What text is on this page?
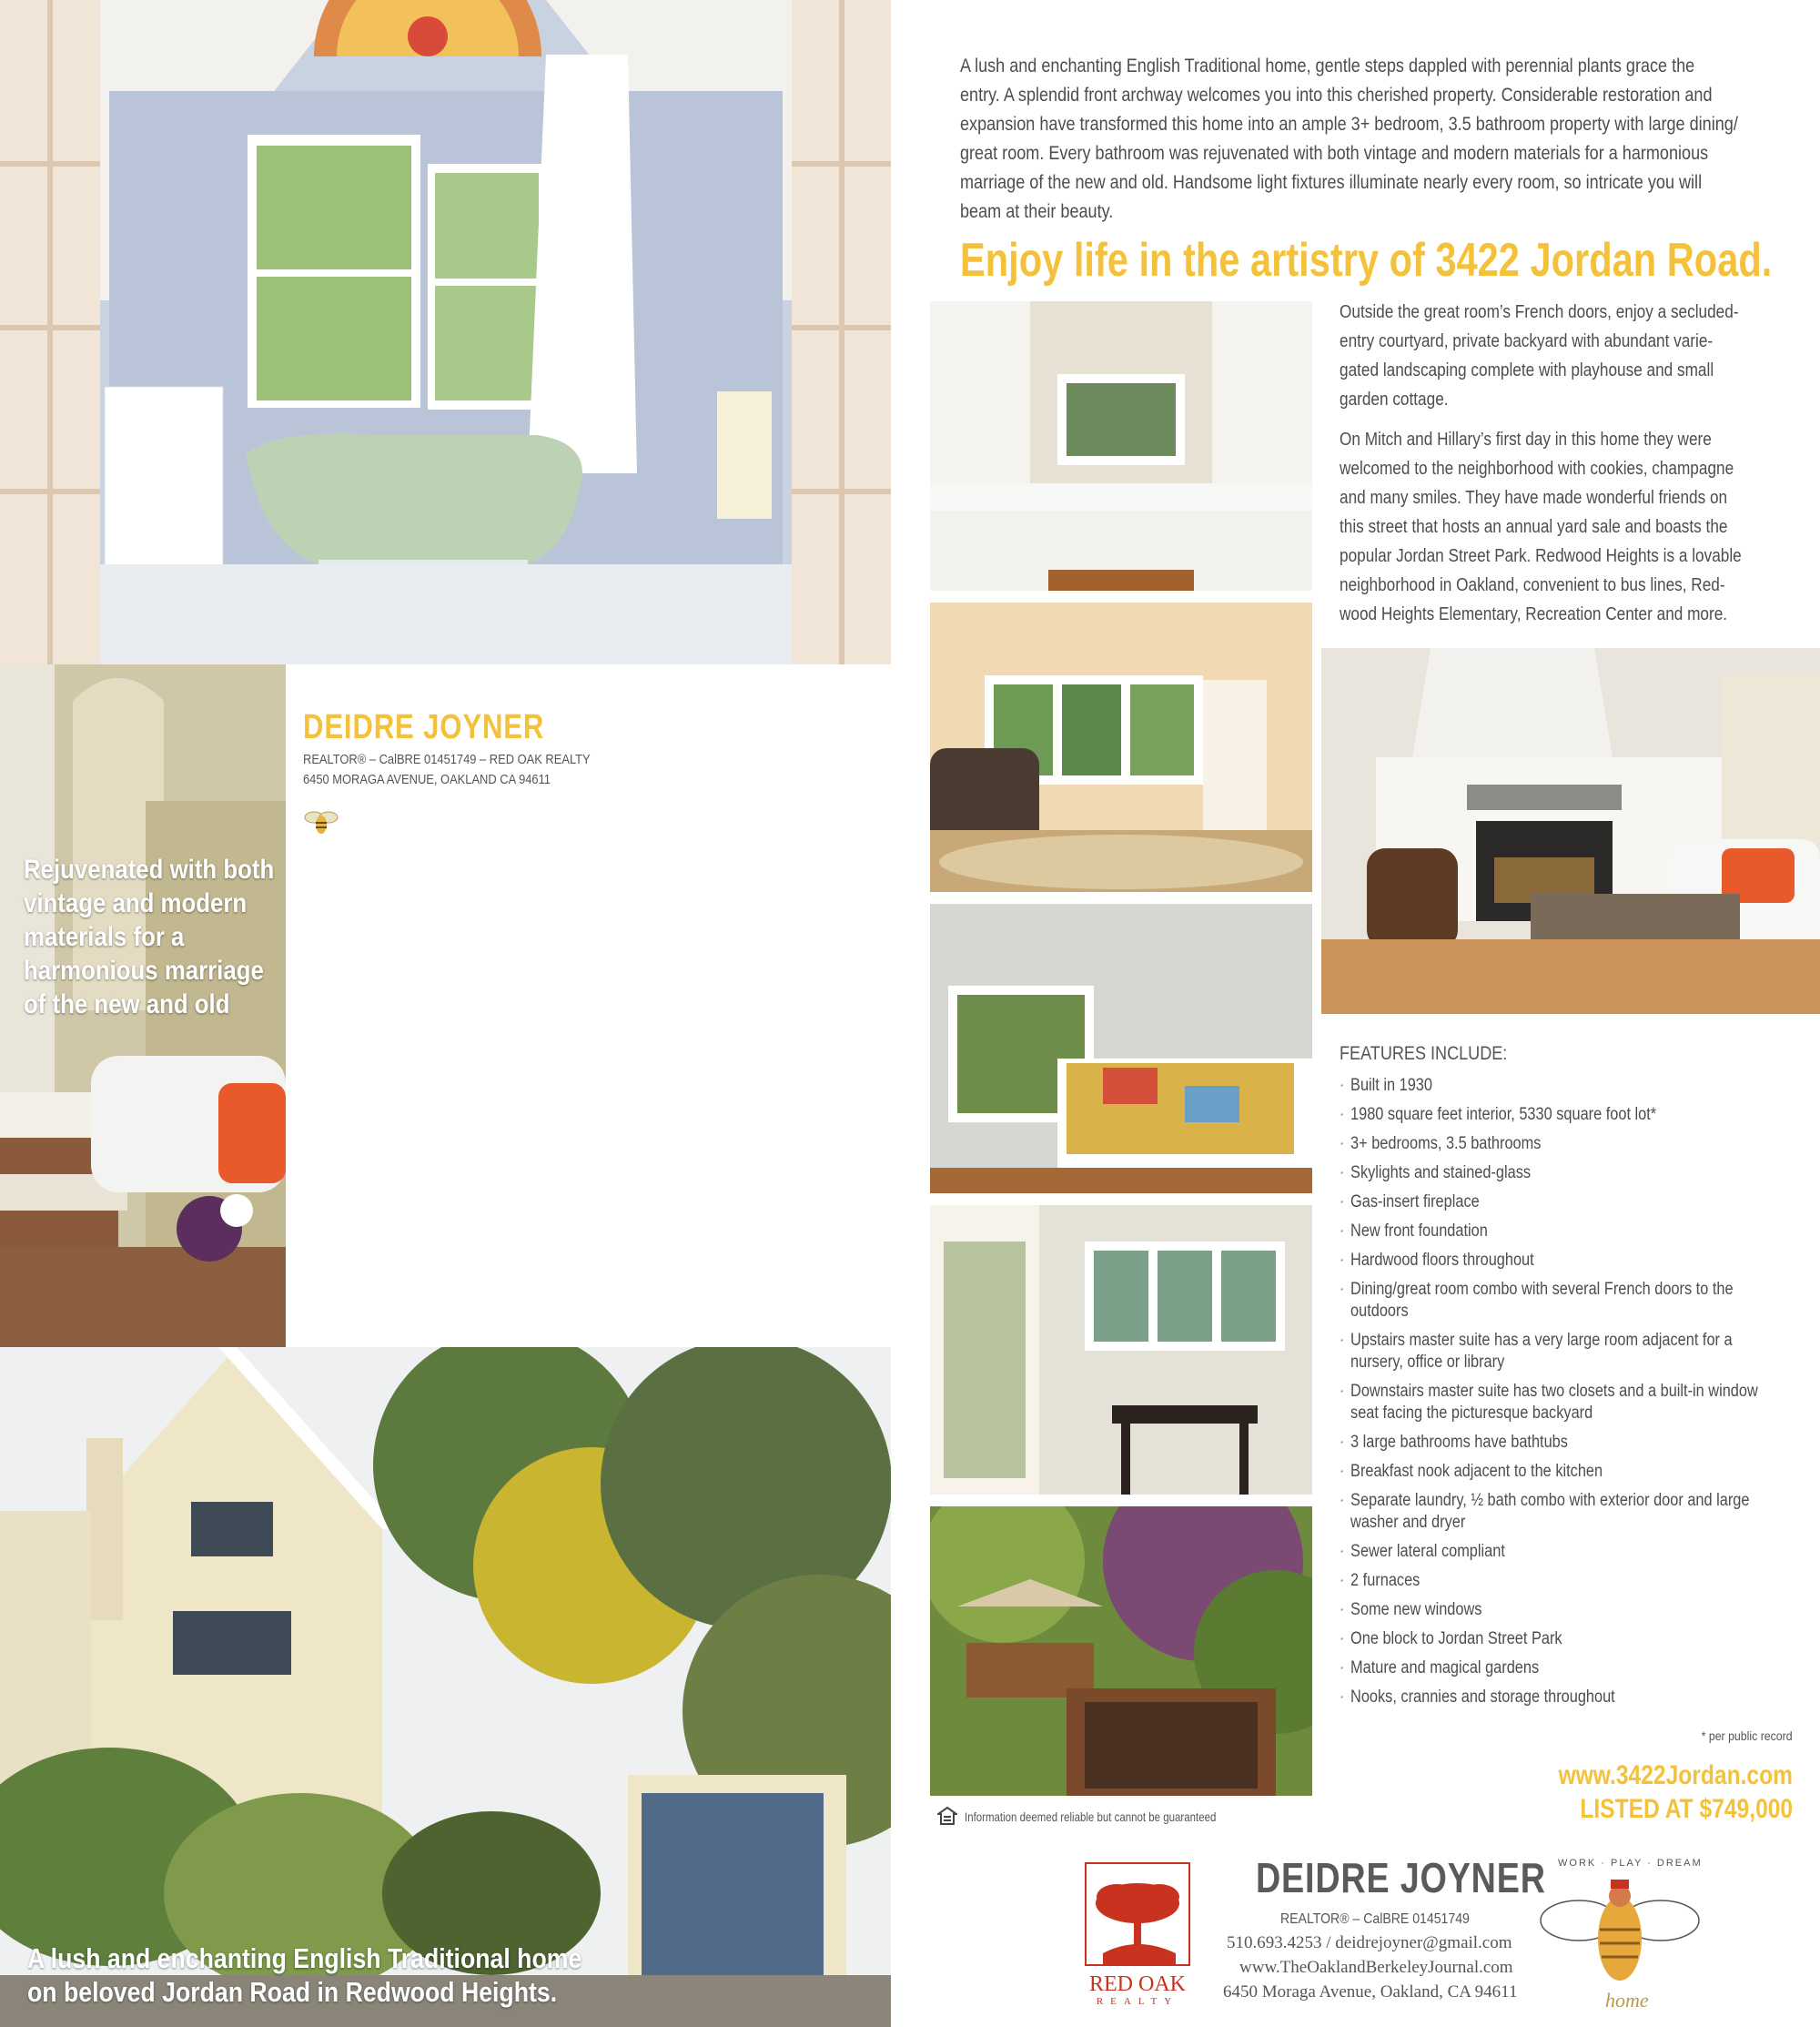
Rejuvenated with both
vintage and modern
materials for a
harmonious marriage
of the new and old
DEIDRE JOYNER
REALTOR® – CalBRE 01451749 – RED OAK REALTY
6450 MORAGA AVENUE, OAKLAND CA 94611
A lush and enchanting English Traditional home
on beloved Jordan Road in Redwood Heights.
A lush and enchanting English Traditional home, gentle steps dappled with perennial plants grace the
entry. A splendid front archway welcomes you into this cherished property. Considerable restoration and
expansion have transformed this home into an ample 3+ bedroom, 3.5 bathroom property with large dining/
great room. Every bathroom was rejuvenated with both vintage and modern materials for a harmonious
marriage of the new and old. Handsome light fixtures illuminate nearly every room, so intricate you will
beam at their beauty.
Enjoy life in the artistry of 3422 Jordan Road.
Outside the great room’s French doors, enjoy a secluded-
entry courtyard, private backyard with abundant varie-
gated landscaping complete with playhouse and small
garden cottage.
On Mitch and Hillary’s first day in this home they were
welcomed to the neighborhood with cookies, champagne
and many smiles. They have made wonderful friends on
this street that hosts an annual yard sale and boasts the
popular Jordan Street Park. Redwood Heights is a lovable
neighborhood in Oakland, convenient to bus lines, Red-
wood Heights Elementary, Recreation Center and more.
FEATURES INCLUDE:
· Built in 1930
· 1980 square feet interior, 5330 square foot lot*
· 3+ bedrooms, 3.5 bathrooms
· Skylights and stained-glass
· Gas-insert fireplace
· New front foundation
· Hardwood floors throughout
· Dining/great room combo with several French doors to the outdoors
· Upstairs master suite has a very large room adjacent for a nursery, office or library
· Downstairs master suite has two closets and a built-in window seat facing the picturesque backyard
· 3 large bathrooms have bathtubs
· Breakfast nook adjacent to the kitchen
· Separate laundry, ½ bath combo with exterior door and large washer and dryer
· Sewer lateral compliant
· 2 furnaces
· Some new windows
· One block to Jordan Street Park
· Mature and magical gardens
· Nooks, crannies and storage throughout
* per public record
www.3422Jordan.com
LISTED AT $749,000
Information deemed reliable but cannot be guaranteed
RED OAK
REALTY
DEIDRE JOYNER
REALTOR® – CalBRE 01451749
510.693.4253 / deidrejoyner@gmail.com
www.TheOaklandBerkeleyJournal.com
6450 Moraga Avenue, Oakland, CA 94611
WORK · PLAY · DREAM
home
